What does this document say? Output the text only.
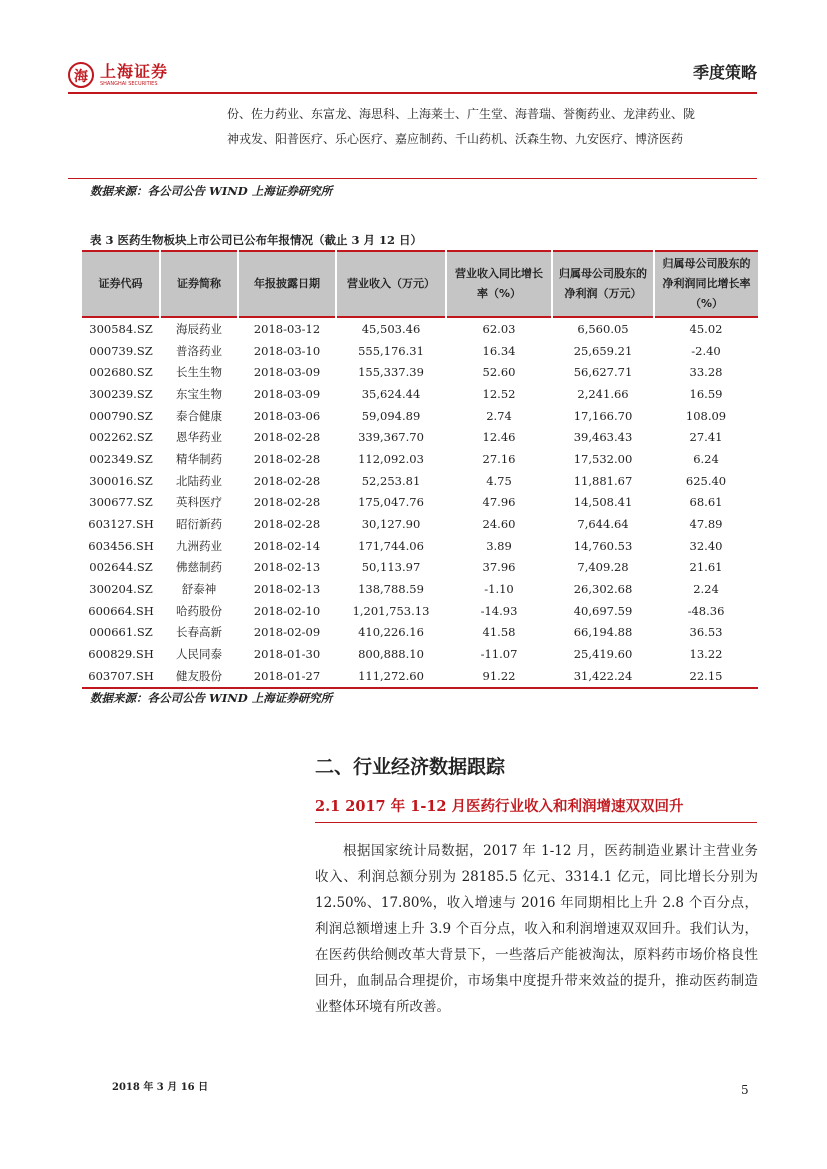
海 上海证券
SHANGHAI SECURITIES
季度策略
份、佐力药业、东富龙、海思科、上海莱士、广生堂、海普瑞、誉衡药业、龙津药业、陇神戎发、阳普医疗、乐心医疗、嘉应制药、千山药机、沃森生物、九安医疗、博济医药
数据来源：各公司公告 WIND 上海证券研究所
表 3 医药生物板块上市公司已公布年报情况（截止 3 月 12 日）
证券代码	证券简称	年报披露日期	营业收入（万元）	营业收入同比增长率（%）	归属母公司股东的净利润（万元）	归属母公司股东的净利润同比增长率（%）
300584.SZ	海辰药业	2018-03-12	45,503.46	62.03	6,560.05	45.02
000739.SZ	普洛药业	2018-03-10	555,176.31	16.34	25,659.21	-2.40
002680.SZ	长生生物	2018-03-09	155,337.39	52.60	56,627.71	33.28
300239.SZ	东宝生物	2018-03-09	35,624.44	12.52	2,241.66	16.59
000790.SZ	泰合健康	2018-03-06	59,094.89	2.74	17,166.70	108.09
002262.SZ	恩华药业	2018-02-28	339,367.70	12.46	39,463.43	27.41
002349.SZ	精华制药	2018-02-28	112,092.03	27.16	17,532.00	6.24
300016.SZ	北陆药业	2018-02-28	52,253.81	4.75	11,881.67	625.40
300677.SZ	英科医疗	2018-02-28	175,047.76	47.96	14,508.41	68.61
603127.SH	昭衍新药	2018-02-28	30,127.90	24.60	7,644.64	47.89
603456.SH	九洲药业	2018-02-14	171,744.06	3.89	14,760.53	32.40
002644.SZ	佛慈制药	2018-02-13	50,113.97	37.96	7,409.28	21.61
300204.SZ	舒泰神	2018-02-13	138,788.59	-1.10	26,302.68	2.24
600664.SH	哈药股份	2018-02-10	1,201,753.13	-14.93	40,697.59	-48.36
000661.SZ	长春高新	2018-02-09	410,226.16	41.58	66,194.88	36.53
600829.SH	人民同泰	2018-01-30	800,888.10	-11.07	25,419.60	13.22
603707.SH	健友股份	2018-01-27	111,272.60	91.22	31,422.24	22.15
数据来源：各公司公告 WIND 上海证券研究所
二、行业经济数据跟踪
2.1 2017 年 1-12 月医药行业收入和利润增速双双回升
根据国家统计局数据，2017 年 1-12 月，医药制造业累计主营业务收入、利润总额分别为 28185.5 亿元、3314.1 亿元，同比增长分别为 12.50%、17.80%，收入增速与 2016 年同期相比上升 2.8 个百分点，利润总额增速上升 3.9 个百分点，收入和利润增速双双回升。我们认为，在医药供给侧改革大背景下，一些落后产能被淘汰，原料药市场价格良性回升，血制品合理提价，市场集中度提升带来效益的提升，推动医药制造业整体环境有所改善。
2018 年 3 月 16 日	5
